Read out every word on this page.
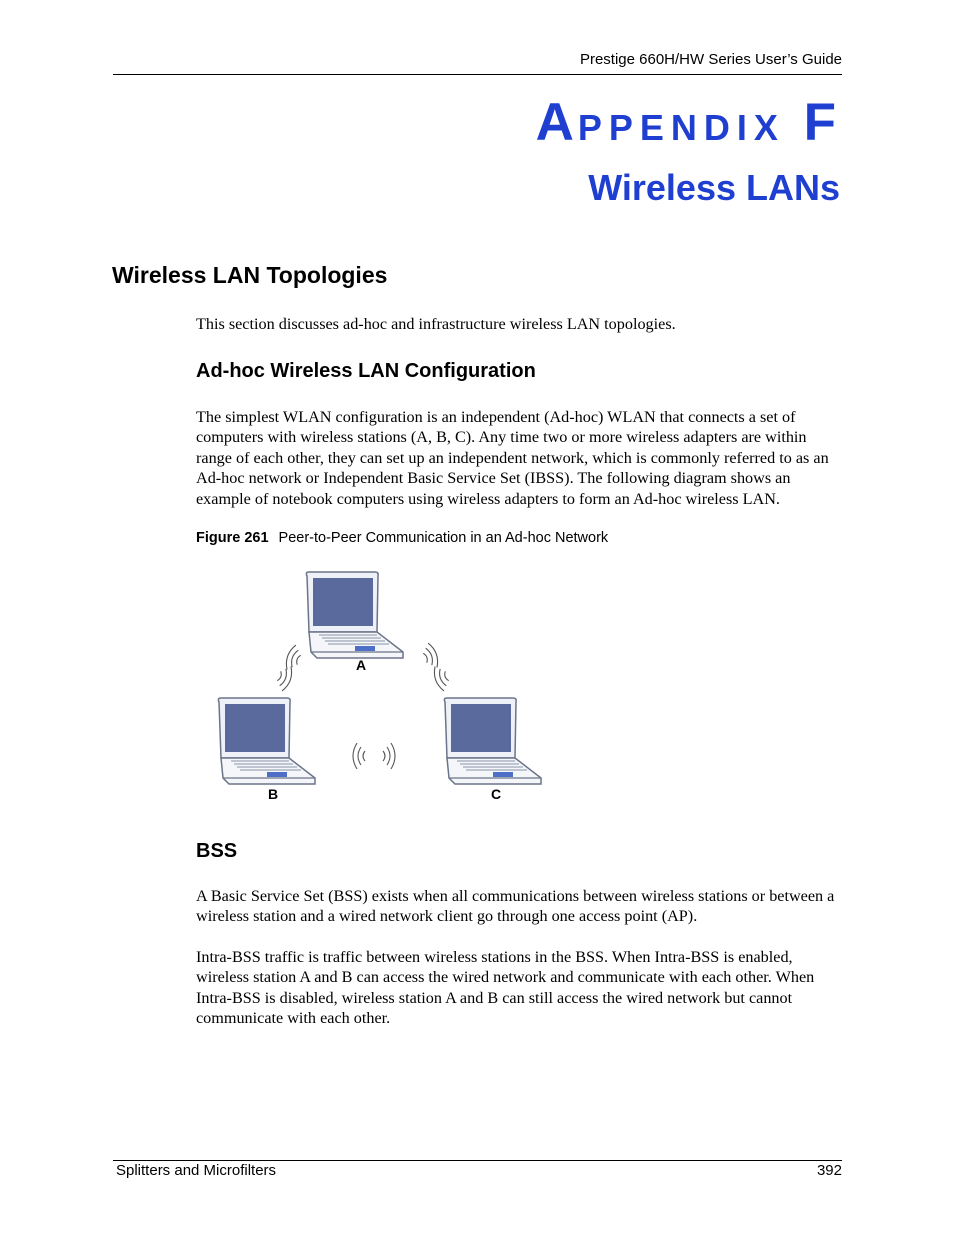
Prestige 660H/HW Series User’s Guide
APPENDIX F
Wireless LANs
Wireless LAN Topologies
This section discusses ad-hoc and infrastructure wireless LAN topologies.
Ad-hoc Wireless LAN Configuration
The simplest WLAN configuration is an independent (Ad-hoc) WLAN that connects a set of computers with wireless stations (A, B, C). Any time two or more wireless adapters are within range of each other, they can set up an independent network, which is commonly referred to as an Ad-hoc network or Independent Basic Service Set (IBSS). The following diagram shows an example of notebook computers using wireless adapters to form an Ad-hoc wireless LAN.
Figure 261 Peer-to-Peer Communication in an Ad-hoc Network
A
B	C
BSS
A Basic Service Set (BSS) exists when all communications between wireless stations or between a wireless station and a wired network client go through one access point (AP).
Intra-BSS traffic is traffic between wireless stations in the BSS. When Intra-BSS is enabled, wireless station A and B can access the wired network and communicate with each other. When Intra-BSS is disabled, wireless station A and B can still access the wired network but cannot communicate with each other.
Splitters and Microfilters	392
